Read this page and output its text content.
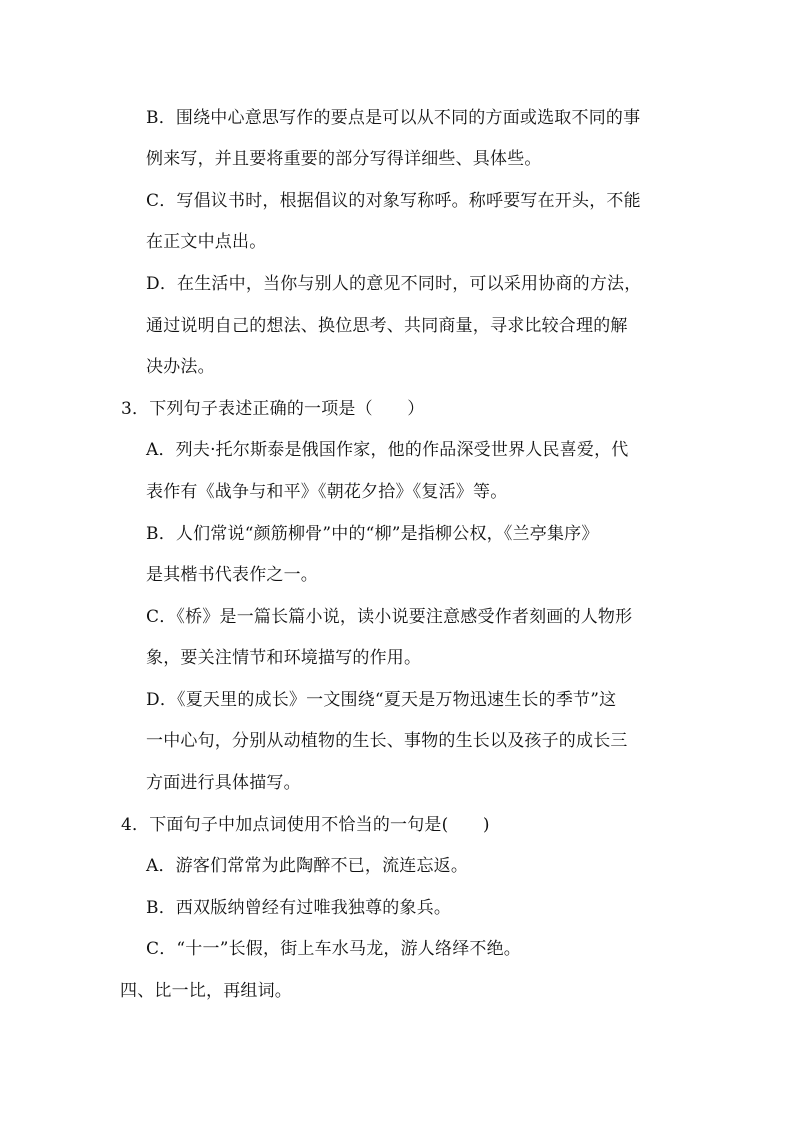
B．围绕中心意思写作的要点是可以从不同的方面或选取不同的事
例来写，并且要将重要的部分写得详细些、具体些。
C．写倡议书时，根据倡议的对象写称呼。称呼要写在开头，不能
在正文中点出。
D．在生活中，当你与别人的意见不同时，可以采用协商的方法，
通过说明自己的想法、换位思考、共同商量，寻求比较合理的解
决办法。
3．下列句子表述正确的一项是（　　）
A．列夫·托尔斯泰是俄国作家，他的作品深受世界人民喜爱，代
表作有《战争与和平》《朝花夕拾》《复活》等。
B．人们常说“颜筋柳骨”中的“柳”是指柳公权，《兰亭集序》
是其楷书代表作之一。
C．《桥》是一篇长篇小说，读小说要注意感受作者刻画的人物形
象，要关注情节和环境描写的作用。
D．《夏天里的成长》一文围绕“夏天是万物迅速生长的季节”这
一中心句，分别从动植物的生长、事物的生长以及孩子的成长三
方面进行具体描写。
4．下面句子中加点词使用不恰当的一句是(　　)
A．游客们常常为此陶醉不已，流连忘返。
B．西双版纳曾经有过唯我独尊的象兵。
C．“十一”长假，街上车水马龙，游人络绎不绝。
四、比一比，再组词。
